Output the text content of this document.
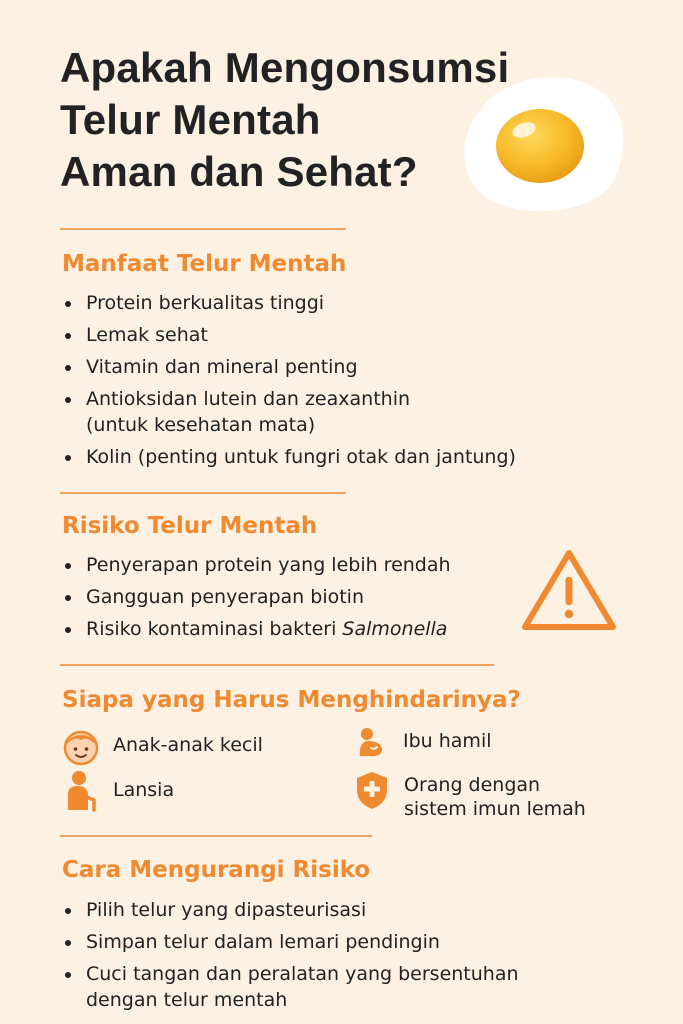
Apakah Mengonsumsi
Telur Mentah
Aman dan Sehat?
Manfaat Telur Mentah
Protein berkualitas tinggi
Lemak sehat
Vitamin dan mineral penting
Antioksidan lutein dan zeaxanthin
(untuk kesehatan mata)
Kolin (penting untuk fungri otak dan jantung)
Risiko Telur Mentah
Penyerapan protein yang lebih rendah
Gangguan penyerapan biotin
Risiko kontaminasi bakteri Salmonella
Siapa yang Harus Menghindarinya?
Anak-anak kecil	Ibu hamil
Lansia	Orang dengan
sistem imun lemah
Cara Mengurangi Risiko
Pilih telur yang dipasteurisasi
Simpan telur dalam lemari pendingin
Cuci tangan dan peralatan yang bersentuhan
dengan telur mentah
